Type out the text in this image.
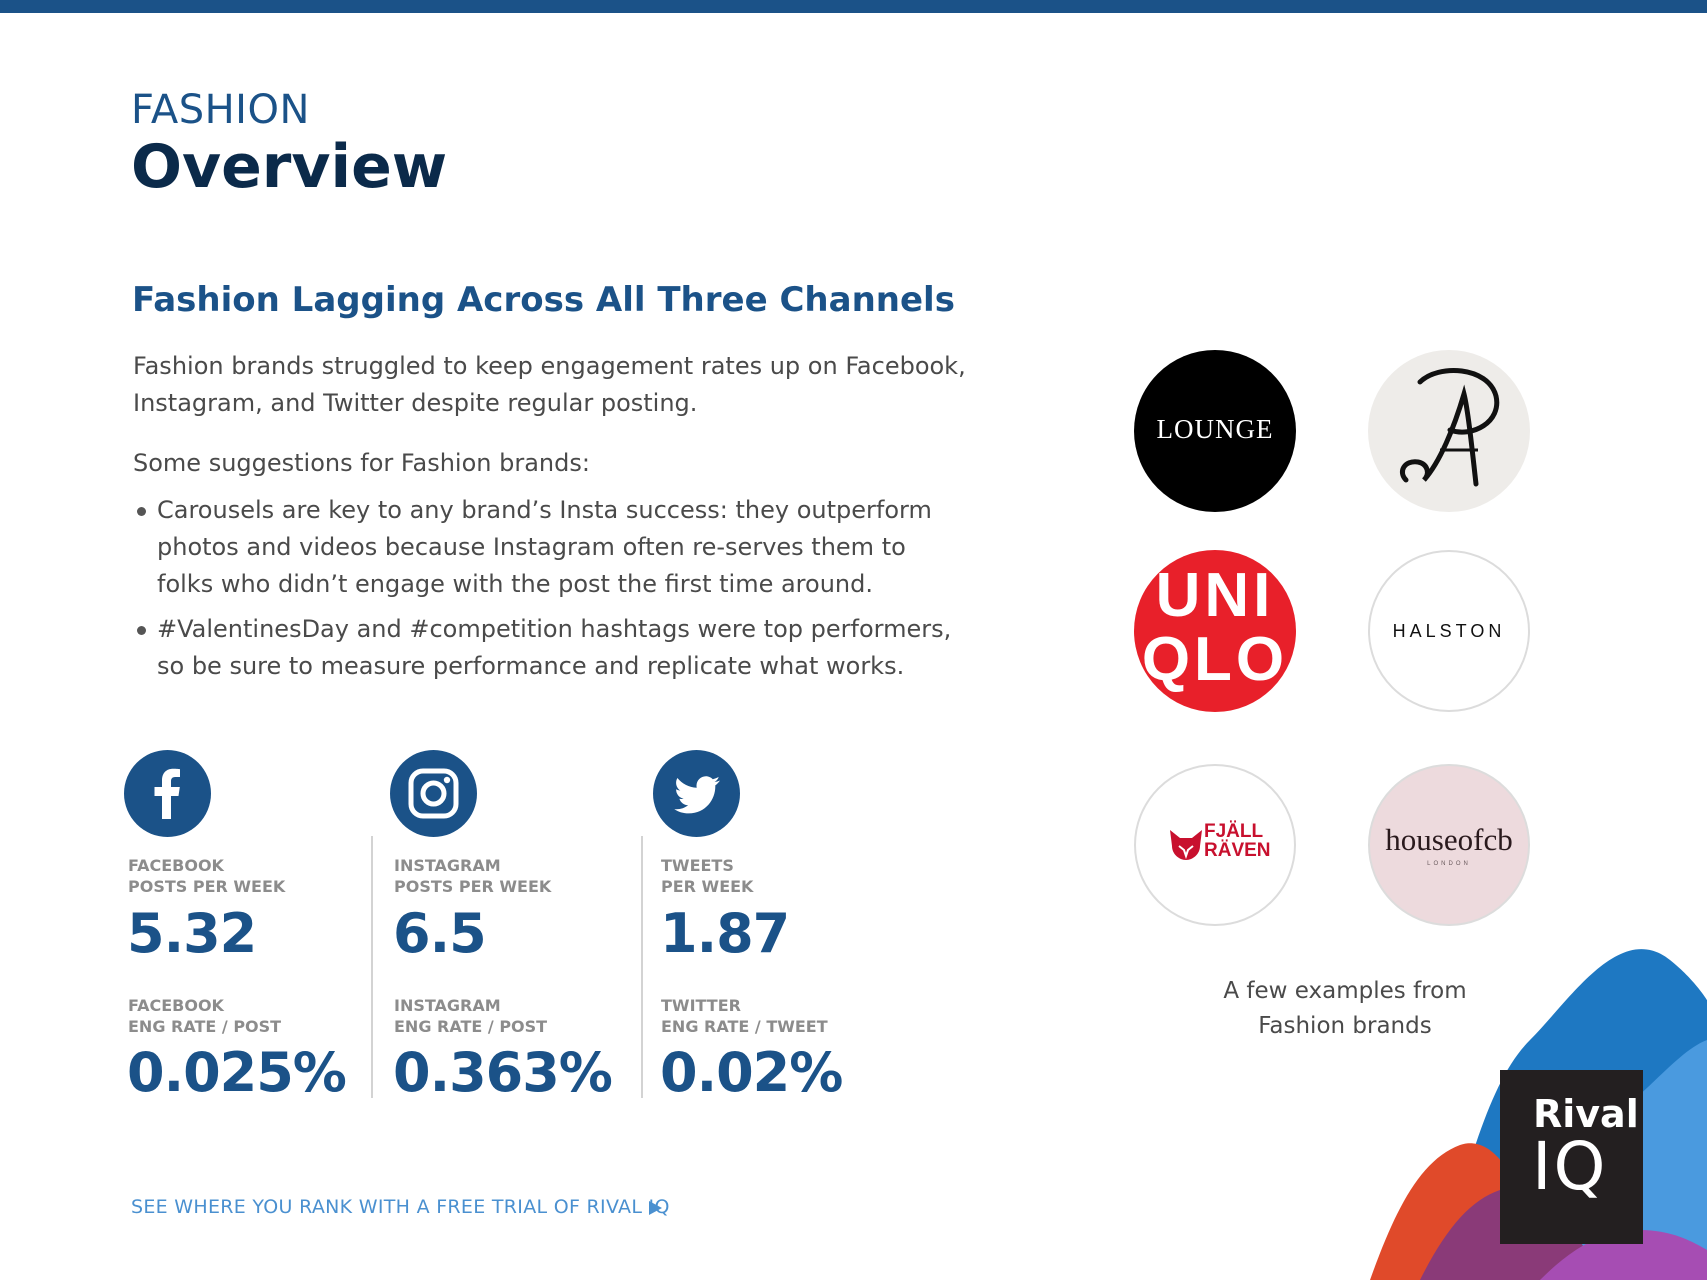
FASHION
Overview
Fashion Lagging Across All Three Channels

Fashion brands struggled to keep engagement rates up on Facebook, Instagram, and Twitter despite regular posting.

Some suggestions for Fashion brands:

Carousels are key to any brand’s Insta success: they outperform photos and videos because Instagram often re-serves them to folks who didn’t engage with the post the first time around.
#ValentinesDay and #competition hashtags were top performers, so be sure to measure performance and replicate what works.
FACEBOOK
POSTS PER WEEK
5.32
FACEBOOK
ENG RATE / POST
0.025%
INSTAGRAM
POSTS PER WEEK
6.5
INSTAGRAM
ENG RATE / POST
0.363%
TWEETS
PER WEEK
1.87
TWITTER
ENG RATE / TWEET
0.02%
LOUNGE
UNI
QLO	HALSTON
FJÄLL
RÄVEN	houseofcb
LONDON
A few examples from
Fashion brands
SEE WHERE YOU RANK WITH A FREE TRIAL OF RIVAL IQ
Rival
IQ
